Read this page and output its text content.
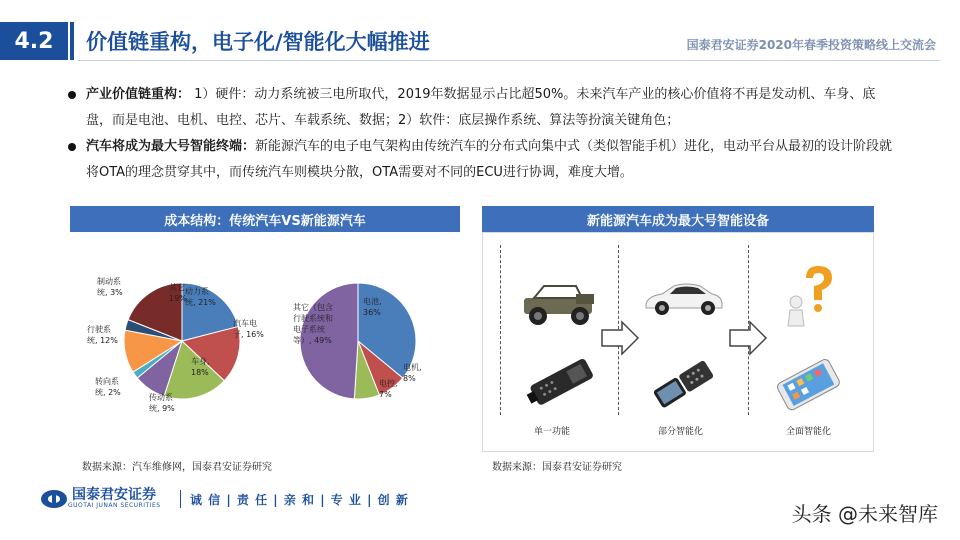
4.2	价值链重构，电子化/智能化大幅推进	国泰君安证券2020年春季投资策略线上交流会
产业价值链重构： 1）硬件：动力系统被三电所取代，2019年数据显示占比超50%。未来汽车产业的核心价值将不再是发动机、车身、底盘，而是电池、电机、电控、芯片、车载系统、数据；2）软件：底层操作系统、算法等扮演关键角色；
汽车将成为最大号智能终端：新能源汽车的电子电气架构由传统汽车的分布式向集中式（类似智能手机）进化，电动平台从最初的设计阶段就将OTA的理念贯穿其中，而传统汽车则模块分散，OTA需要对不同的ECU进行协调，难度大增。
成本结构：传统汽车VS新能源汽车
动力系
统, 21%
汽车电
子, 16%
车身,
18%
传动系
统, 9%
转向系
统, 2%
行驶系
统, 12%
制动系
统, 3%
其它,
19%	电池,
36%
电机,
8%
电控,
7%
其它（包含
行驶系统和
电子系统
等）, 49%
数据来源：汽车维修网，国泰君安证券研究
新能源汽车成为最大号智能设备
单一功能	部分智能化	全面智能化
数据来源：国泰君安证券研究
国泰君安证券
GUOTAI JUNAN SECURITIES 诚 信 | 责 任 | 亲 和 | 专 业 | 创 新
头条 @未来智库
